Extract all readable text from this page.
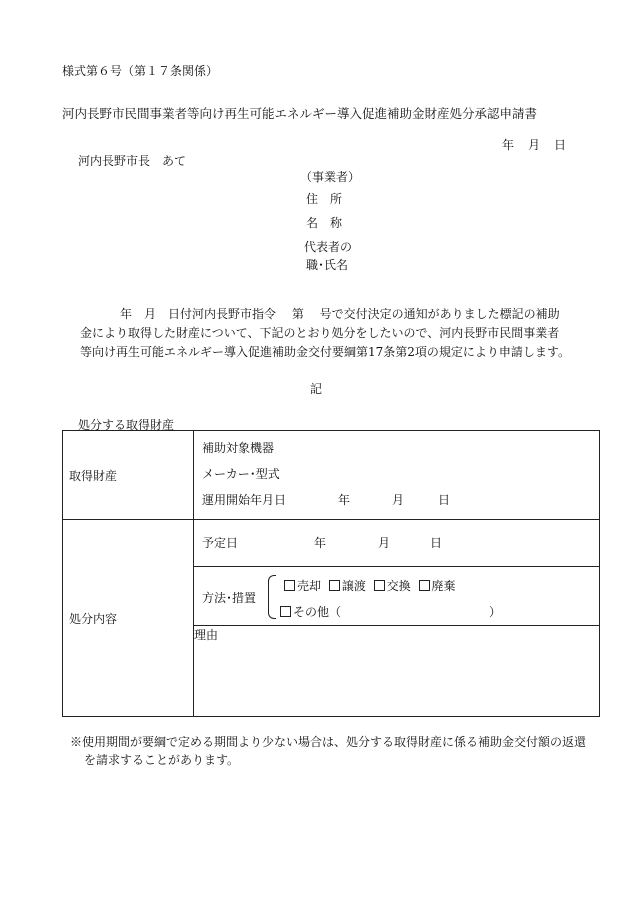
様式第６号（第１７条関係）
河内長野市民間事業者等向け再生可能エネルギー導入促進補助金財産処分承認申請書
年 月 日
河内長野市長　あて
（事業者）
住　所
名　称
代表者の
職･氏名
年　月　日付河内長野市指令　 第　 号で交付決定の通知がありました標記の補助金により取得した財産について、下記のとおり処分をしたいので、河内長野市民間事業者等向け再生可能エネルギー導入促進補助金交付要綱第17条第2項の規定により申請します。
記
処分する取得財産
取得財産	補助対象機器
メーカー･型式
運用開始年月日 年 月 日

処分内容	予定日 年 月 日

	方法･措置
売却 譲渡 交換 廃棄
その他（ ）

	理由
※使用期間が要綱で定める期間より少ない場合は、処分する取得財産に係る補助金交付額の返還を請求することがあります。
